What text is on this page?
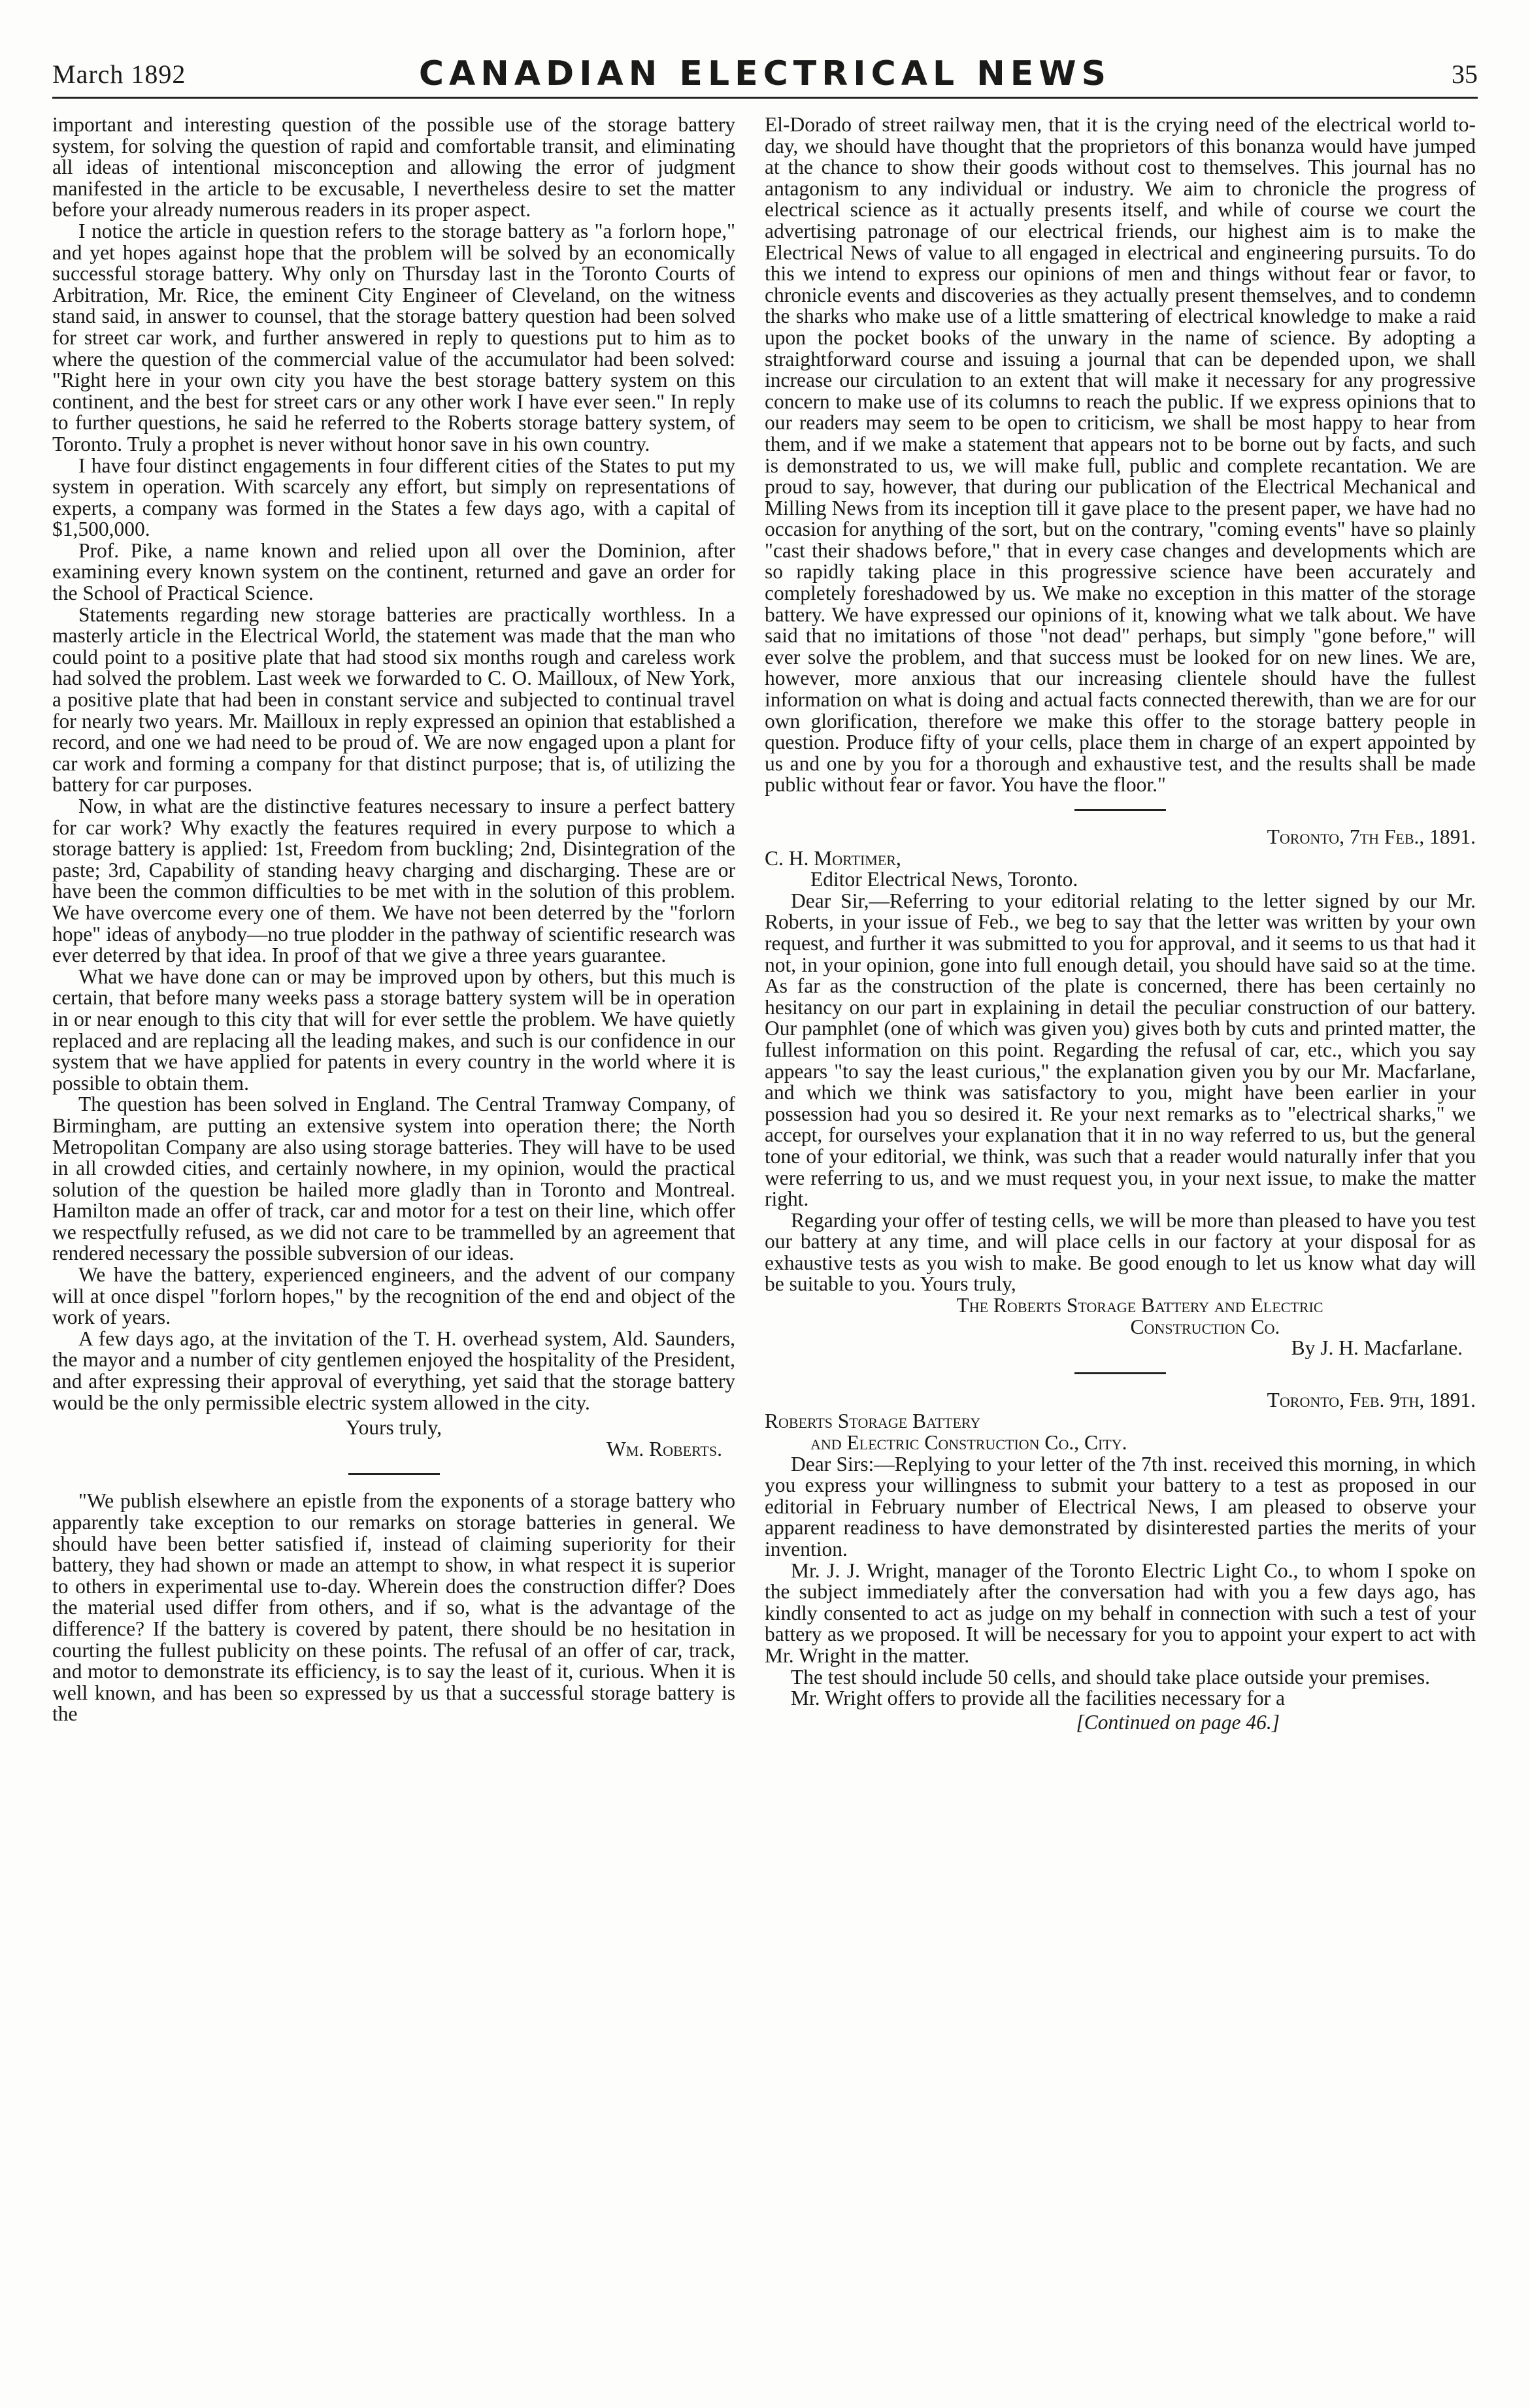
March 1892	CANADIAN ELECTRICAL NEWS	35

important and interesting question of the possible use of the storage battery system, for solving the question of rapid and comfortable transit, and eliminating all ideas of intentional misconception and allowing the error of judgment manifested in the article to be excusable, I nevertheless desire to set the matter before your already numerous readers in its proper aspect.

I notice the article in question refers to the storage battery as "a forlorn hope," and yet hopes against hope that the problem will be solved by an economically successful storage battery. Why only on Thursday last in the Toronto Courts of Arbitration, Mr. Rice, the eminent City Engineer of Cleveland, on the witness stand said, in answer to counsel, that the storage battery question had been solved for street car work, and further answered in reply to questions put to him as to where the question of the commercial value of the accumulator had been solved: "Right here in your own city you have the best storage battery system on this continent, and the best for street cars or any other work I have ever seen." In reply to further questions, he said he referred to the Roberts storage battery system, of Toronto. Truly a prophet is never without honor save in his own country.

I have four distinct engagements in four different cities of the States to put my system in operation. With scarcely any effort, but simply on representations of experts, a company was formed in the States a few days ago, with a capital of $1,500,000.

Prof. Pike, a name known and relied upon all over the Dominion, after examining every known system on the continent, returned and gave an order for the School of Practical Science.

Statements regarding new storage batteries are practically worthless. In a masterly article in the Electrical World, the statement was made that the man who could point to a positive plate that had stood six months rough and careless work had solved the problem. Last week we forwarded to C. O. Mailloux, of New York, a positive plate that had been in constant service and subjected to continual travel for nearly two years. Mr. Mailloux in reply expressed an opinion that established a record, and one we had need to be proud of. We are now engaged upon a plant for car work and forming a company for that distinct purpose; that is, of utilizing the battery for car purposes.

Now, in what are the distinctive features necessary to insure a perfect battery for car work? Why exactly the features required in every purpose to which a storage battery is applied: 1st, Freedom from buckling; 2nd, Disintegration of the paste; 3rd, Capability of standing heavy charging and discharging. These are or have been the common difficulties to be met with in the solution of this problem. We have overcome every one of them. We have not been deterred by the "forlorn hope" ideas of anybody—no true plodder in the pathway of scientific research was ever deterred by that idea. In proof of that we give a three years guarantee.

What we have done can or may be improved upon by others, but this much is certain, that before many weeks pass a storage battery system will be in operation in or near enough to this city that will for ever settle the problem. We have quietly replaced and are replacing all the leading makes, and such is our confidence in our system that we have applied for patents in every country in the world where it is possible to obtain them.

The question has been solved in England. The Central Tramway Company, of Birmingham, are putting an extensive system into operation there; the North Metropolitan Company are also using storage batteries. They will have to be used in all crowded cities, and certainly nowhere, in my opinion, would the practical solution of the question be hailed more gladly than in Toronto and Montreal. Hamilton made an offer of track, car and motor for a test on their line, which offer we respectfully refused, as we did not care to be trammelled by an agreement that rendered necessary the possible subversion of our ideas.

We have the battery, experienced engineers, and the advent of our company will at once dispel "forlorn hopes," by the recognition of the end and object of the work of years.

A few days ago, at the invitation of the T. H. overhead system, Ald. Saunders, the mayor and a number of city gentlemen enjoyed the hospitality of the President, and after expressing their approval of everything, yet said that the storage battery would be the only permissible electric system allowed in the city.

Yours truly,

Wm. Roberts.

"We publish elsewhere an epistle from the exponents of a storage battery who apparently take exception to our remarks on storage batteries in general. We should have been better satisfied if, instead of claiming superiority for their battery, they had shown or made an attempt to show, in what respect it is superior to others in experimental use to-day. Wherein does the construction differ? Does the material used differ from others, and if so, what is the advantage of the difference? If the battery is covered by patent, there should be no hesitation in courting the fullest publicity on these points. The refusal of an offer of car, track, and motor to demonstrate its efficiency, is to say the least of it, curious. When it is well known, and has been so expressed by us that a successful storage battery is the

El-Dorado of street railway men, that it is the crying need of the electrical world to-day, we should have thought that the proprietors of this bonanza would have jumped at the chance to show their goods without cost to themselves. This journal has no antagonism to any individual or industry. We aim to chronicle the progress of electrical science as it actually presents itself, and while of course we court the advertising patronage of our electrical friends, our highest aim is to make the Electrical News of value to all engaged in electrical and engineering pursuits. To do this we intend to express our opinions of men and things without fear or favor, to chronicle events and discoveries as they actually present themselves, and to condemn the sharks who make use of a little smattering of electrical knowledge to make a raid upon the pocket books of the unwary in the name of science. By adopting a straightforward course and issuing a journal that can be depended upon, we shall increase our circulation to an extent that will make it necessary for any progressive concern to make use of its columns to reach the public. If we express opinions that to our readers may seem to be open to criticism, we shall be most happy to hear from them, and if we make a statement that appears not to be borne out by facts, and such is demonstrated to us, we will make full, public and complete recantation. We are proud to say, however, that during our publication of the Electrical Mechanical and Milling News from its inception till it gave place to the present paper, we have had no occasion for anything of the sort, but on the contrary, "coming events" have so plainly "cast their shadows before," that in every case changes and developments which are so rapidly taking place in this progressive science have been accurately and completely foreshadowed by us. We make no exception in this matter of the storage battery. We have expressed our opinions of it, knowing what we talk about. We have said that no imitations of those "not dead" perhaps, but simply "gone before," will ever solve the problem, and that success must be looked for on new lines. We are, however, more anxious that our increasing clientele should have the fullest information on what is doing and actual facts connected therewith, than we are for our own glorification, therefore we make this offer to the storage battery people in question. Produce fifty of your cells, place them in charge of an expert appointed by us and one by you for a thorough and exhaustive test, and the results shall be made public without fear or favor. You have the floor."

Toronto, 7th Feb., 1891.

C. H. Mortimer,

Editor Electrical News, Toronto.

Dear Sir,—Referring to your editorial relating to the letter signed by our Mr. Roberts, in your issue of Feb., we beg to say that the letter was written by your own request, and further it was submitted to you for approval, and it seems to us that had it not, in your opinion, gone into full enough detail, you should have said so at the time. As far as the construction of the plate is concerned, there has been certainly no hesitancy on our part in explaining in detail the peculiar construction of our battery. Our pamphlet (one of which was given you) gives both by cuts and printed matter, the fullest information on this point. Regarding the refusal of car, etc., which you say appears "to say the least curious," the explanation given you by our Mr. Macfarlane, and which we think was satisfactory to you, might have been earlier in your possession had you so desired it. Re your next remarks as to "electrical sharks," we accept, for ourselves your explanation that it in no way referred to us, but the general tone of your editorial, we think, was such that a reader would naturally infer that you were referring to us, and we must request you, in your next issue, to make the matter right.

Regarding your offer of testing cells, we will be more than pleased to have you test our battery at any time, and will place cells in our factory at your disposal for as exhaustive tests as you wish to make. Be good enough to let us know what day will be suitable to you. Yours truly,

The Roberts Storage Battery and Electric

Construction Co.

By J. H. Macfarlane.

Toronto, Feb. 9th, 1891.

Roberts Storage Battery

and Electric Construction Co., City.

Dear Sirs:—Replying to your letter of the 7th inst. received this morning, in which you express your willingness to submit your battery to a test as proposed in our editorial in February number of Electrical News, I am pleased to observe your apparent readiness to have demonstrated by disinterested parties the merits of your invention.

Mr. J. J. Wright, manager of the Toronto Electric Light Co., to whom I spoke on the subject immediately after the conversation had with you a few days ago, has kindly consented to act as judge on my behalf in connection with such a test of your battery as we proposed. It will be necessary for you to appoint your expert to act with Mr. Wright in the matter.

The test should include 50 cells, and should take place outside your premises.

Mr. Wright offers to provide all the facilities necessary for a

[Continued on page 46.]
